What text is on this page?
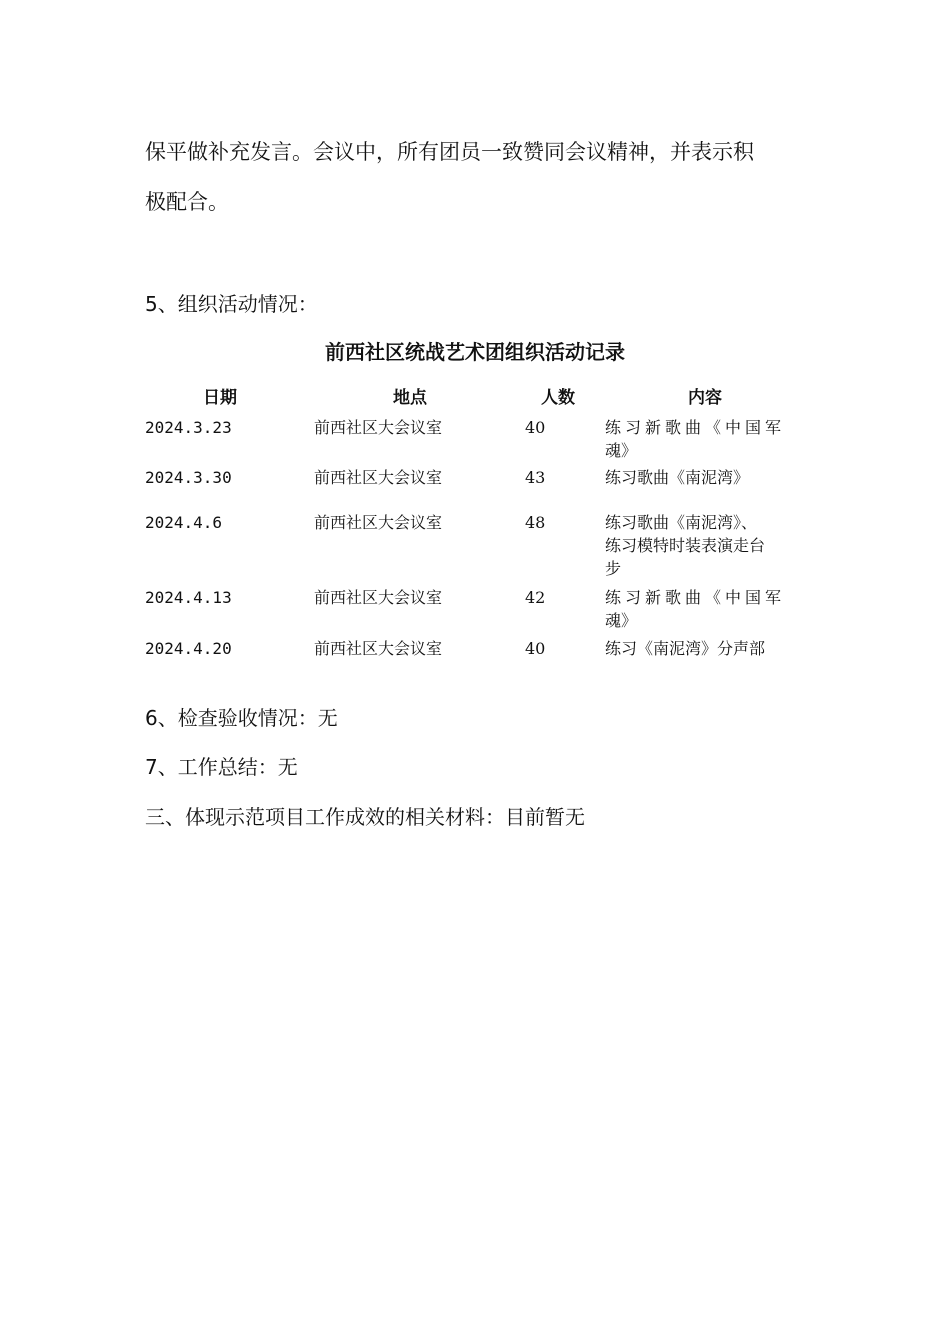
保平做补充发言。会议中，所有团员一致赞同会议精神，并表示积

极配合。

5、组织活动情况：

前西社区统战艺术团组织活动记录

日期	地点	人数	内容
2024.3.23	前西社区大会议室	40	练习新歌曲《中国军
魂》
2024.3.30	前西社区大会议室	43	练习歌曲《南泥湾》
2024.4.6	前西社区大会议室	48	练习歌曲《南泥湾》、
练习模特时装表演走台
步
2024.4.13	前西社区大会议室	42	练习新歌曲《中国军
魂》
2024.4.20	前西社区大会议室	40	练习《南泥湾》分声部

6、检查验收情况：无

7、工作总结：无

三、体现示范项目工作成效的相关材料：目前暂无
